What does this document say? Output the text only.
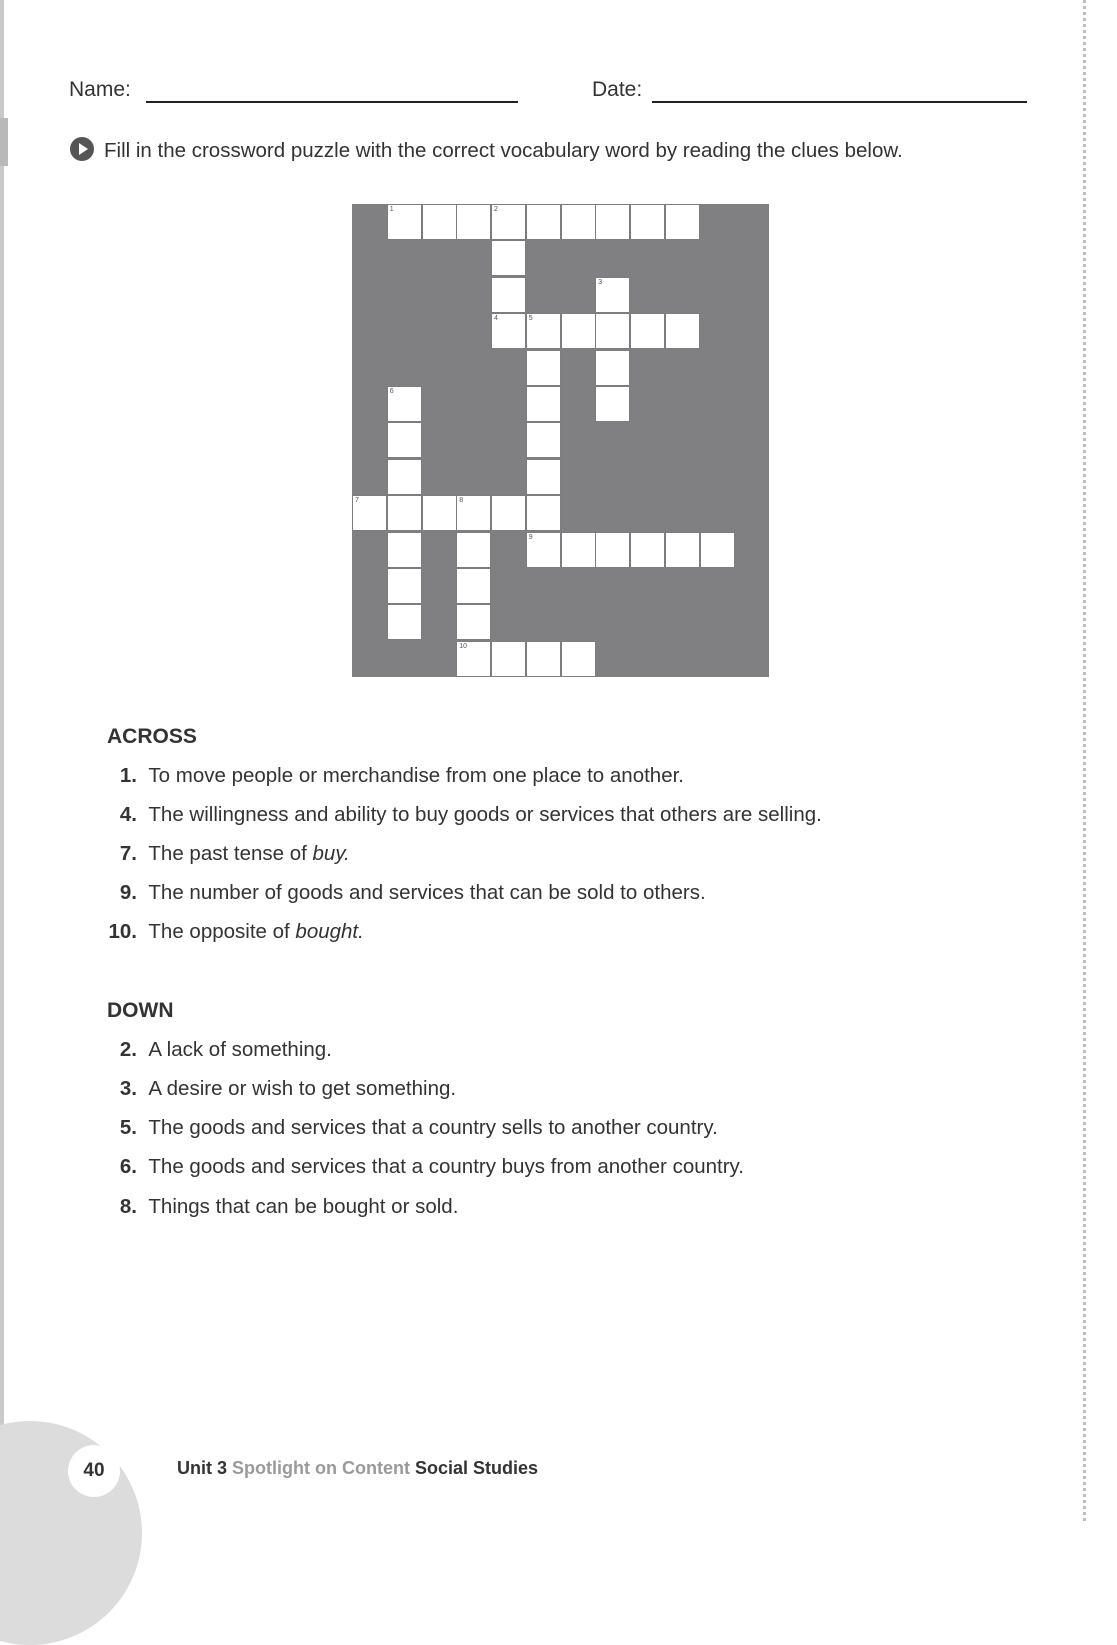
Name:	Date:
Fill in the crossword puzzle with the correct vocabulary word by reading the clues below.
1	2
4	5
3
6
7	8
10
9
ACROSS
1. To move people or merchandise from one place to another.
4. The willingness and ability to buy goods or services that others are selling.
7. The past tense of buy.
9. The number of goods and services that can be sold to others.
10. The opposite of bought.
DOWN
2. A lack of something.
3. A desire or wish to get something.
5. The goods and services that a country sells to another country.
6. The goods and services that a country buys from another country.
8. Things that can be bought or sold.
40	Unit 3 Spotlight on Content Social Studies
